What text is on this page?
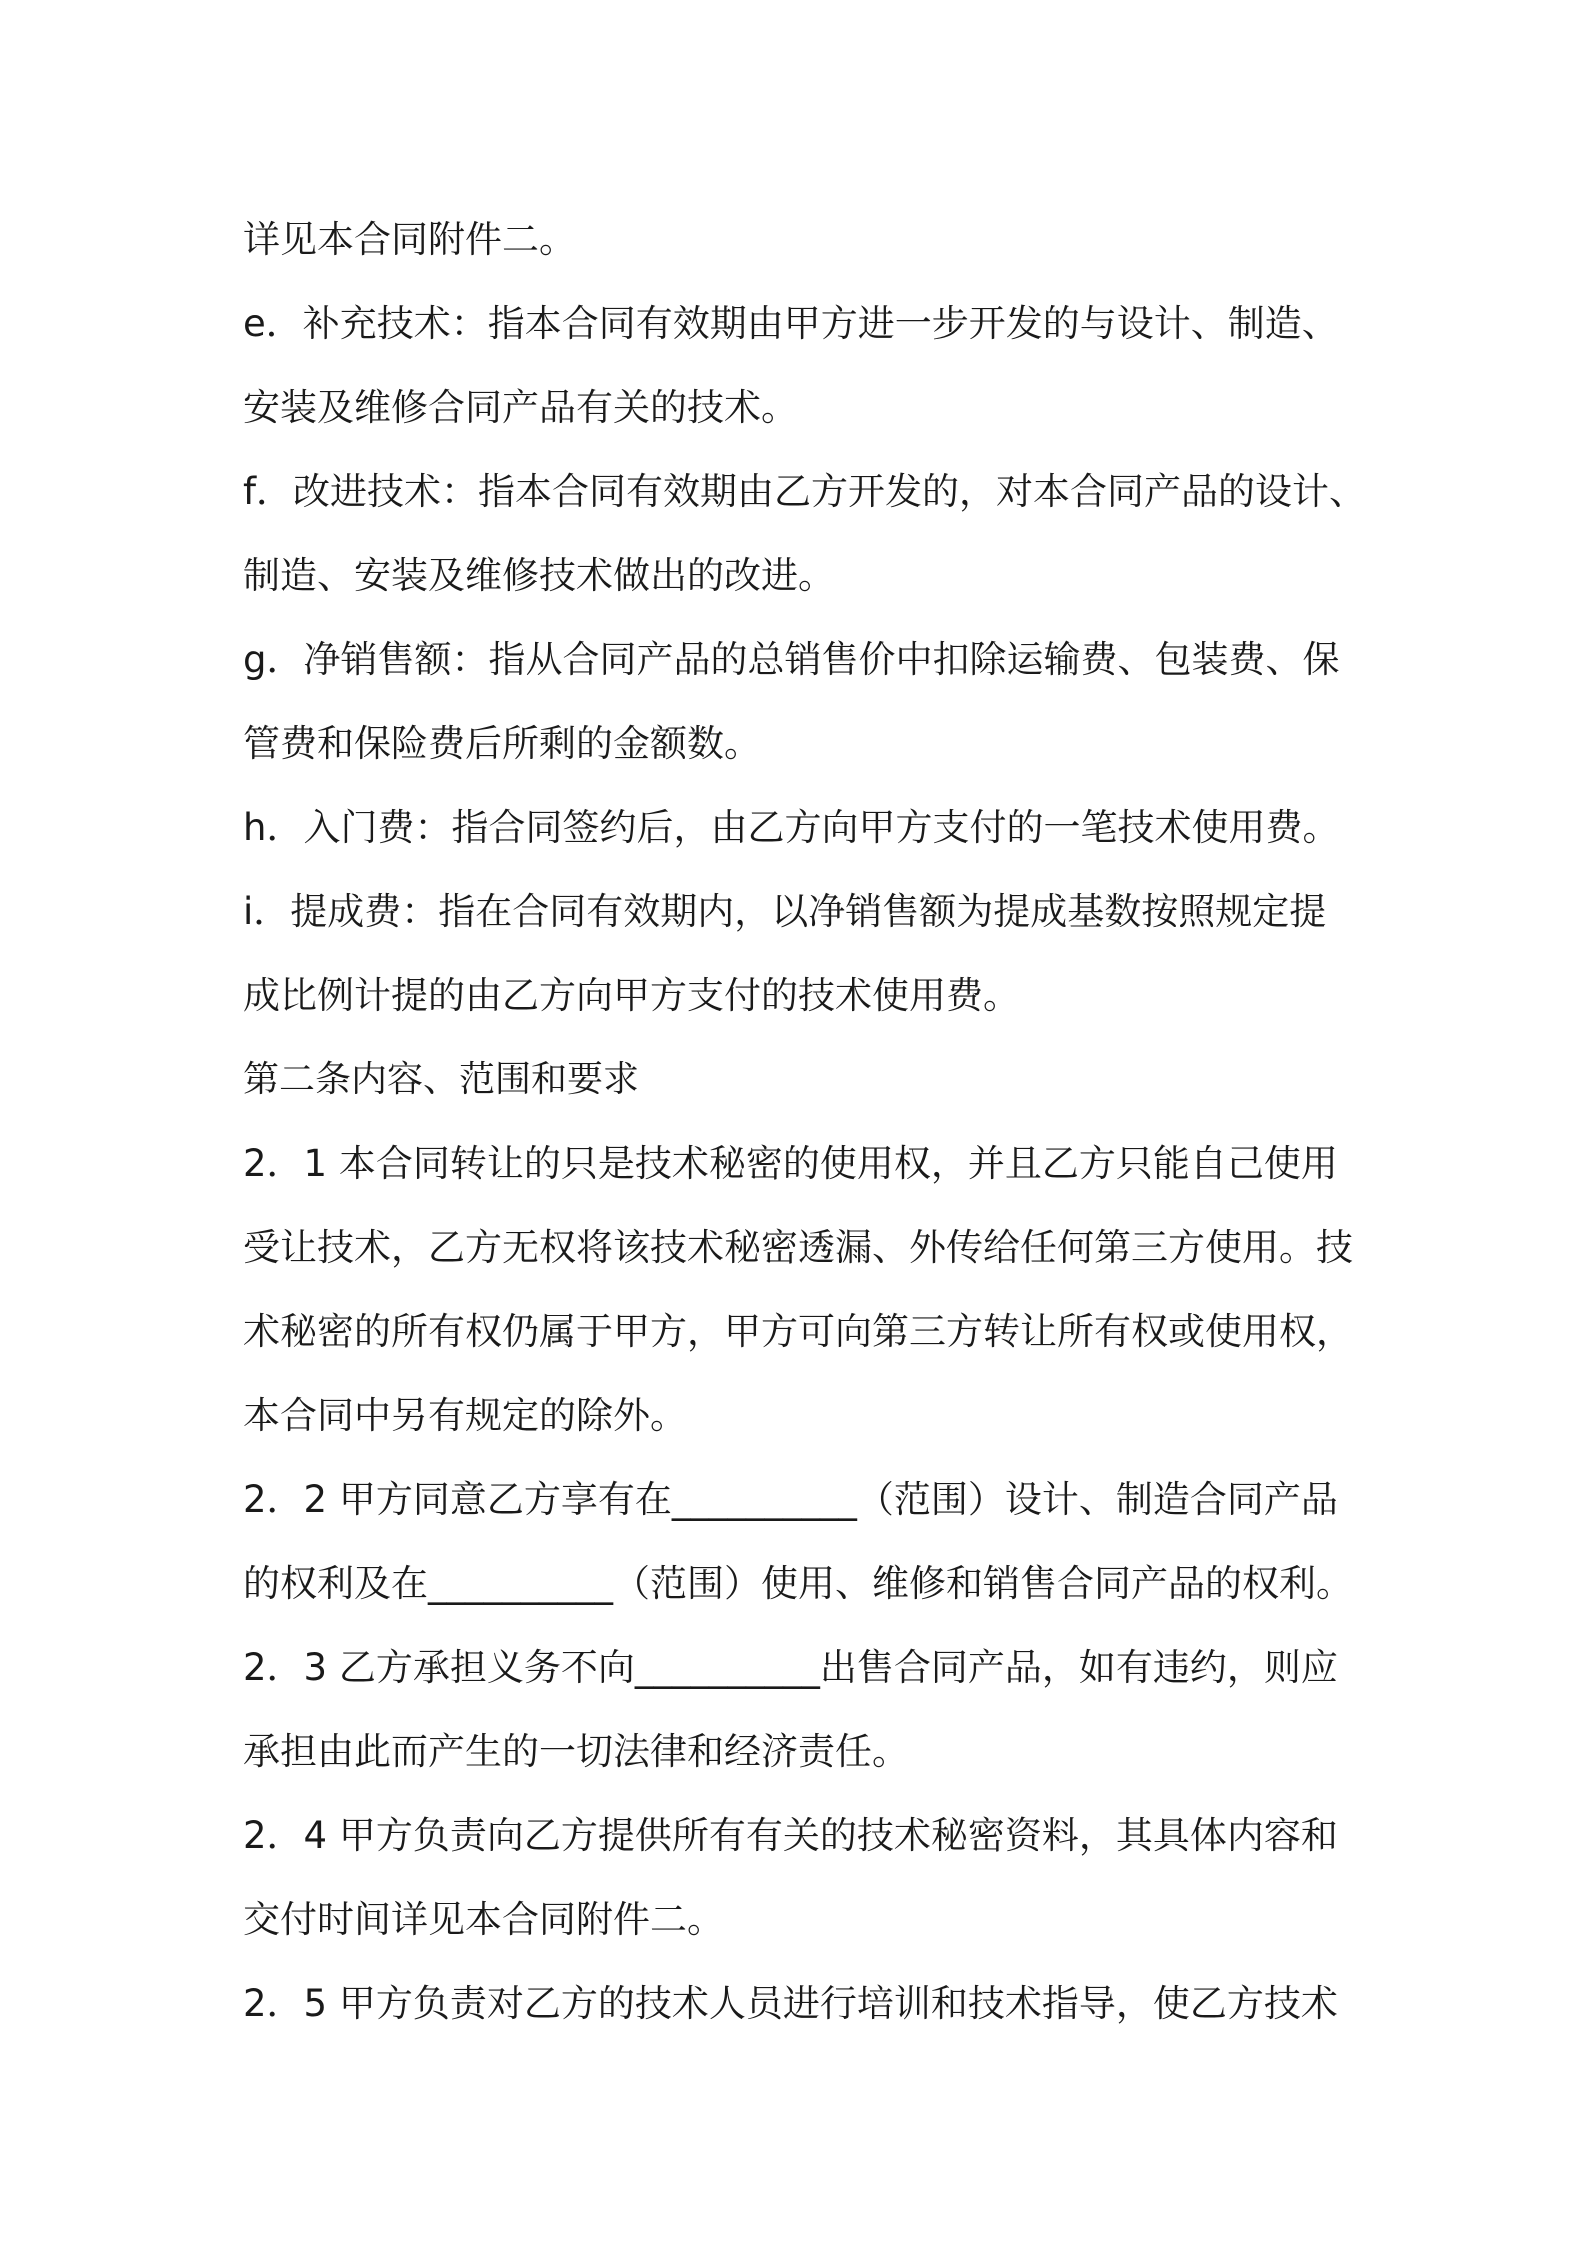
详见本合同附件二。
e．补充技术：指本合同有效期由甲方进一步开发的与设计、制造、
安装及维修合同产品有关的技术。
f．改进技术：指本合同有效期由乙方开发的，对本合同产品的设计、
制造、安装及维修技术做出的改进。
g．净销售额：指从合同产品的总销售价中扣除运输费、包装费、保
管费和保险费后所剩的金额数。
h．入门费：指合同签约后，由乙方向甲方支付的一笔技术使用费。
i．提成费：指在合同有效期内，以净销售额为提成基数按照规定提
成比例计提的由乙方向甲方支付的技术使用费。
第二条内容、范围和要求
2．1 本合同转让的只是技术秘密的使用权，并且乙方只能自己使用
受让技术，乙方无权将该技术秘密透漏、外传给任何第三方使用。技
术秘密的所有权仍属于甲方，甲方可向第三方转让所有权或使用权，
本合同中另有规定的除外。
2．2 甲方同意乙方享有在__________（范围）设计、制造合同产品
的权利及在__________（范围）使用、维修和销售合同产品的权利。
2．3 乙方承担义务不向__________出售合同产品，如有违约，则应
承担由此而产生的一切法律和经济责任。
2．4 甲方负责向乙方提供所有有关的技术秘密资料，其具体内容和
交付时间详见本合同附件二。
2．5 甲方负责对乙方的技术人员进行培训和技术指导，使乙方技术
